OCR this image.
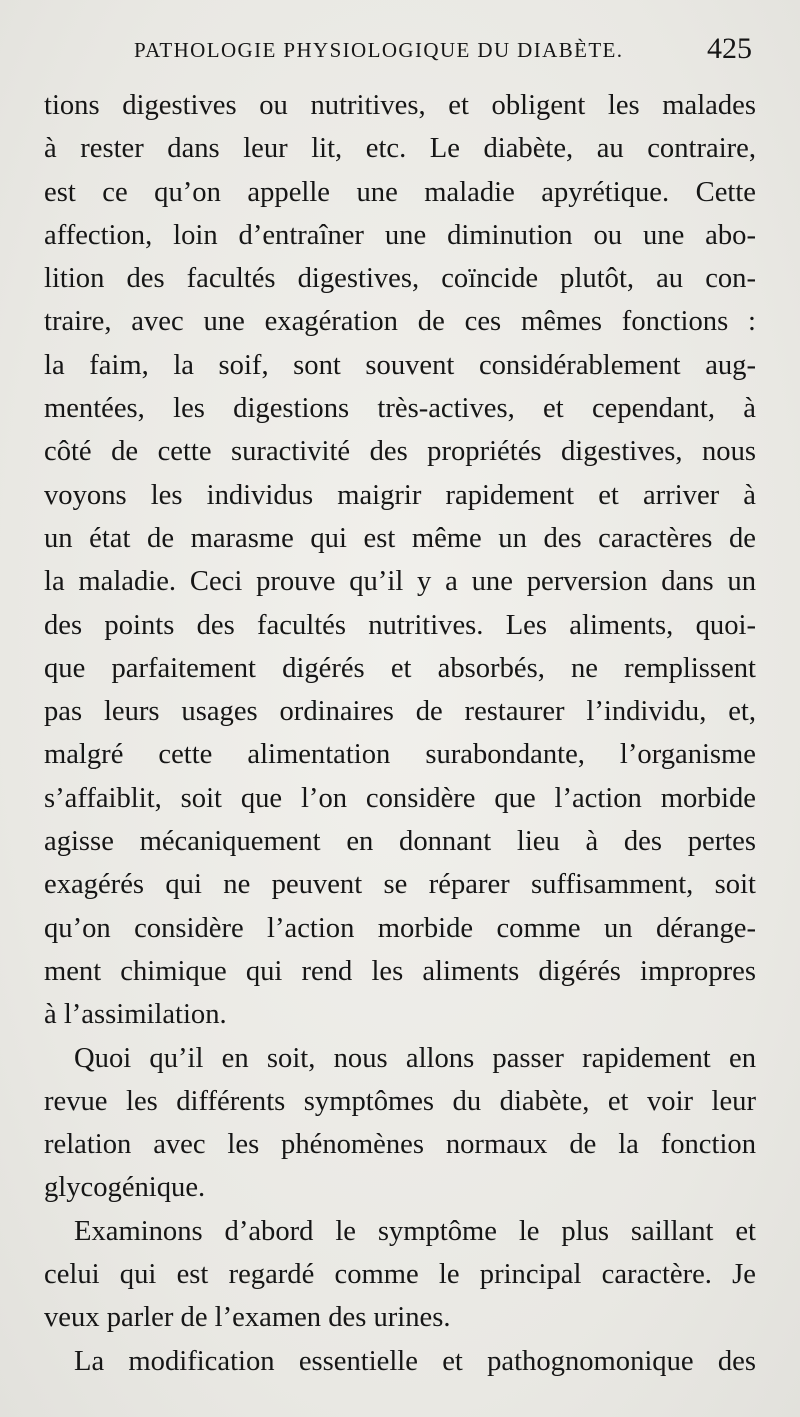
PATHOLOGIE PHYSIOLOGIQUE DU DIABÈTE.	425
tions digestives ou nutritives, et obligent les malades
à rester dans leur lit, etc. Le diabète, au contraire,
est ce qu’on appelle une maladie apyrétique. Cette
affection, loin d’entraîner une diminution ou une abo-
lition des facultés digestives, coïncide plutôt, au con-
traire, avec une exagération de ces mêmes fonctions :
la faim, la soif, sont souvent considérablement aug-
mentées, les digestions très-actives, et cependant, à
côté de cette suractivité des propriétés digestives, nous
voyons les individus maigrir rapidement et arriver à
un état de marasme qui est même un des caractères de
la maladie. Ceci prouve qu’il y a une perversion dans un
des points des facultés nutritives. Les aliments, quoi-
que parfaitement digérés et absorbés, ne remplissent
pas leurs usages ordinaires de restaurer l’individu, et,
malgré cette alimentation surabondante, l’organisme
s’affaiblit, soit que l’on considère que l’action morbide
agisse mécaniquement en donnant lieu à des pertes
exagérés qui ne peuvent se réparer suffisamment, soit
qu’on considère l’action morbide comme un dérange-
ment chimique qui rend les aliments digérés impropres
à l’assimilation.
Quoi qu’il en soit, nous allons passer rapidement en
revue les différents symptômes du diabète, et voir leur
relation avec les phénomènes normaux de la fonction
glycogénique.
Examinons d’abord le symptôme le plus saillant et
celui qui est regardé comme le principal caractère. Je
veux parler de l’examen des urines.
La modification essentielle et pathognomonique des
